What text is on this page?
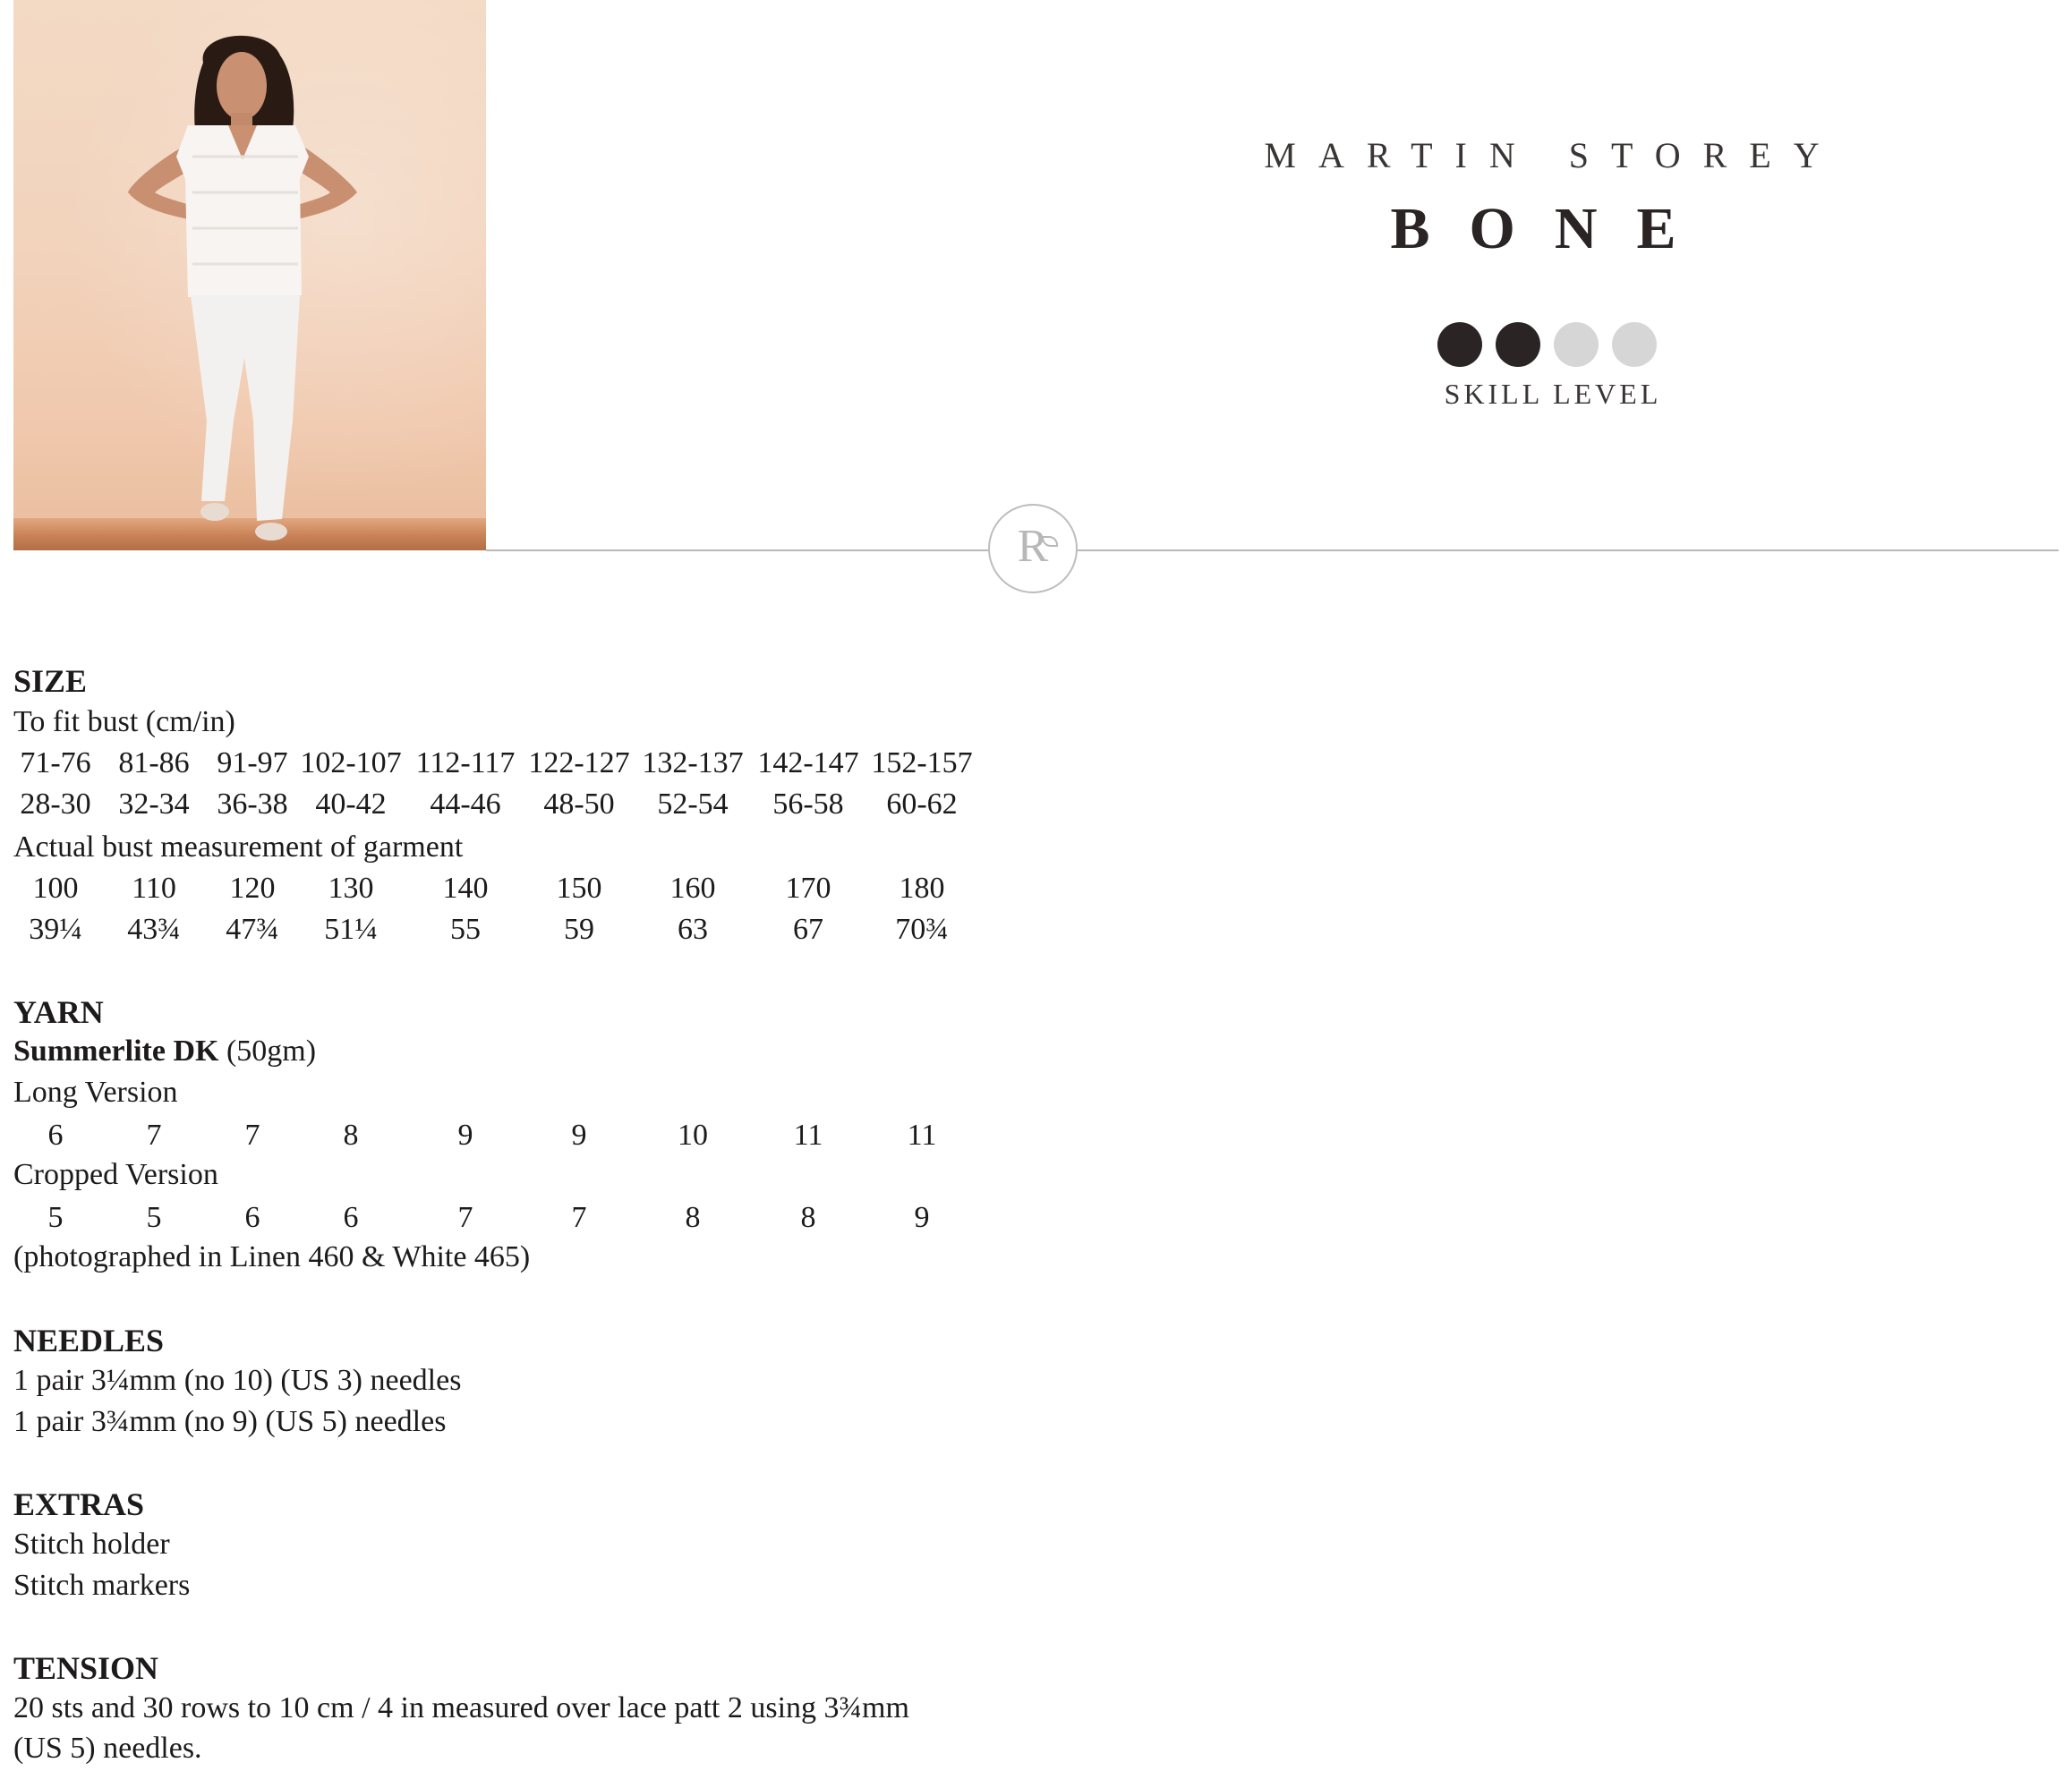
MARTIN STOREY

BONE

SKILL LEVEL

R

SIZE

To fit bust (cm/in)

71-76 81-86 91-97 102-107 112-117 122-127 132-137 142-147 152-157
28-30 32-34 36-38 40-42	44-46	48-50	52-54	56-58	60-62

Actual bust measurement of garment

100	110	120	130	140	150	160	170	180
39¼	43¾	47¾	51¼	55	59	63	67	70¾

YARN

Summerlite DK (50gm)

Long Version

6	7	7	8	9	9	10	11	11

Cropped Version

5	5	6	6	7	7	8	8	9

(photographed in Linen 460 & White 465)

NEEDLES

1 pair 3¼mm (no 10) (US 3) needles

1 pair 3¾mm (no 9) (US 5) needles

EXTRAS

Stitch holder

Stitch markers

TENSION

20 sts and 30 rows to 10 cm / 4 in measured over lace patt 2 using 3¾mm

(US 5) needles.
